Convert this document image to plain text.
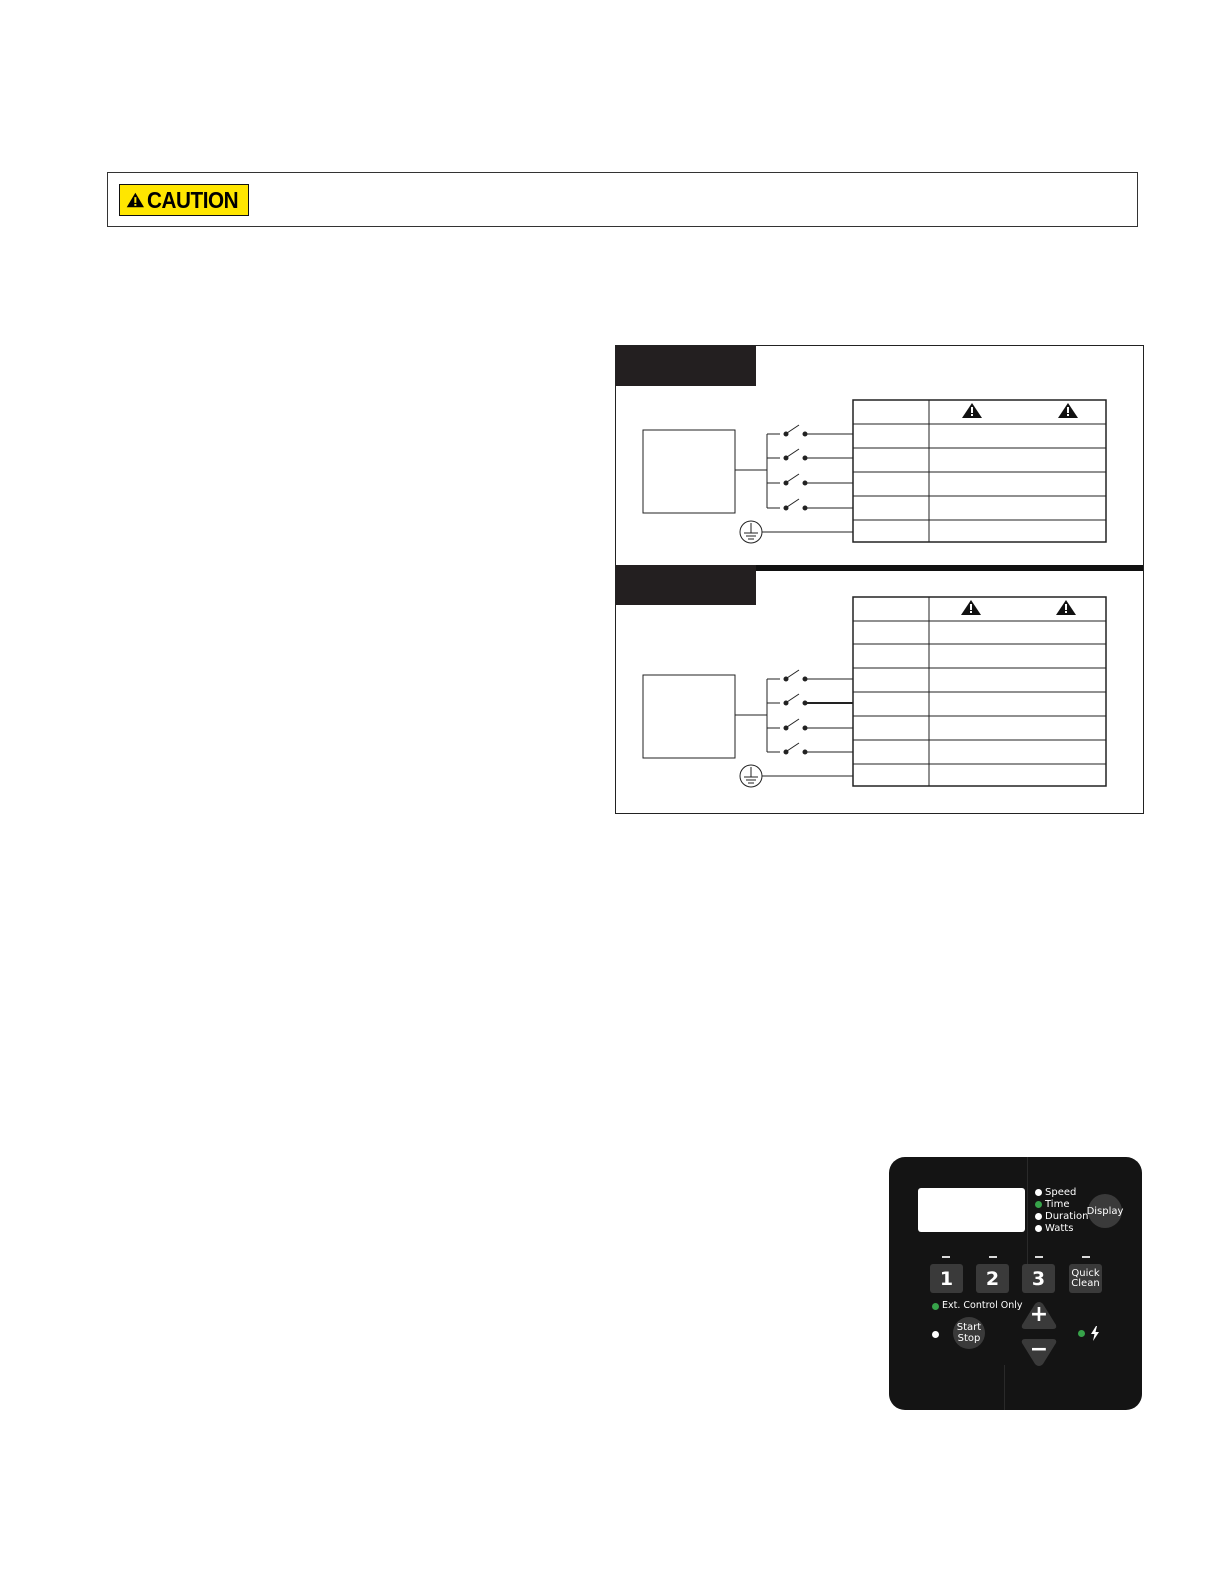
CAUTION
Speed
Time
Duration
Watts
Display
1	2	3	Quick
Clean
Ext. Control Only
Start
Stop
+
−
